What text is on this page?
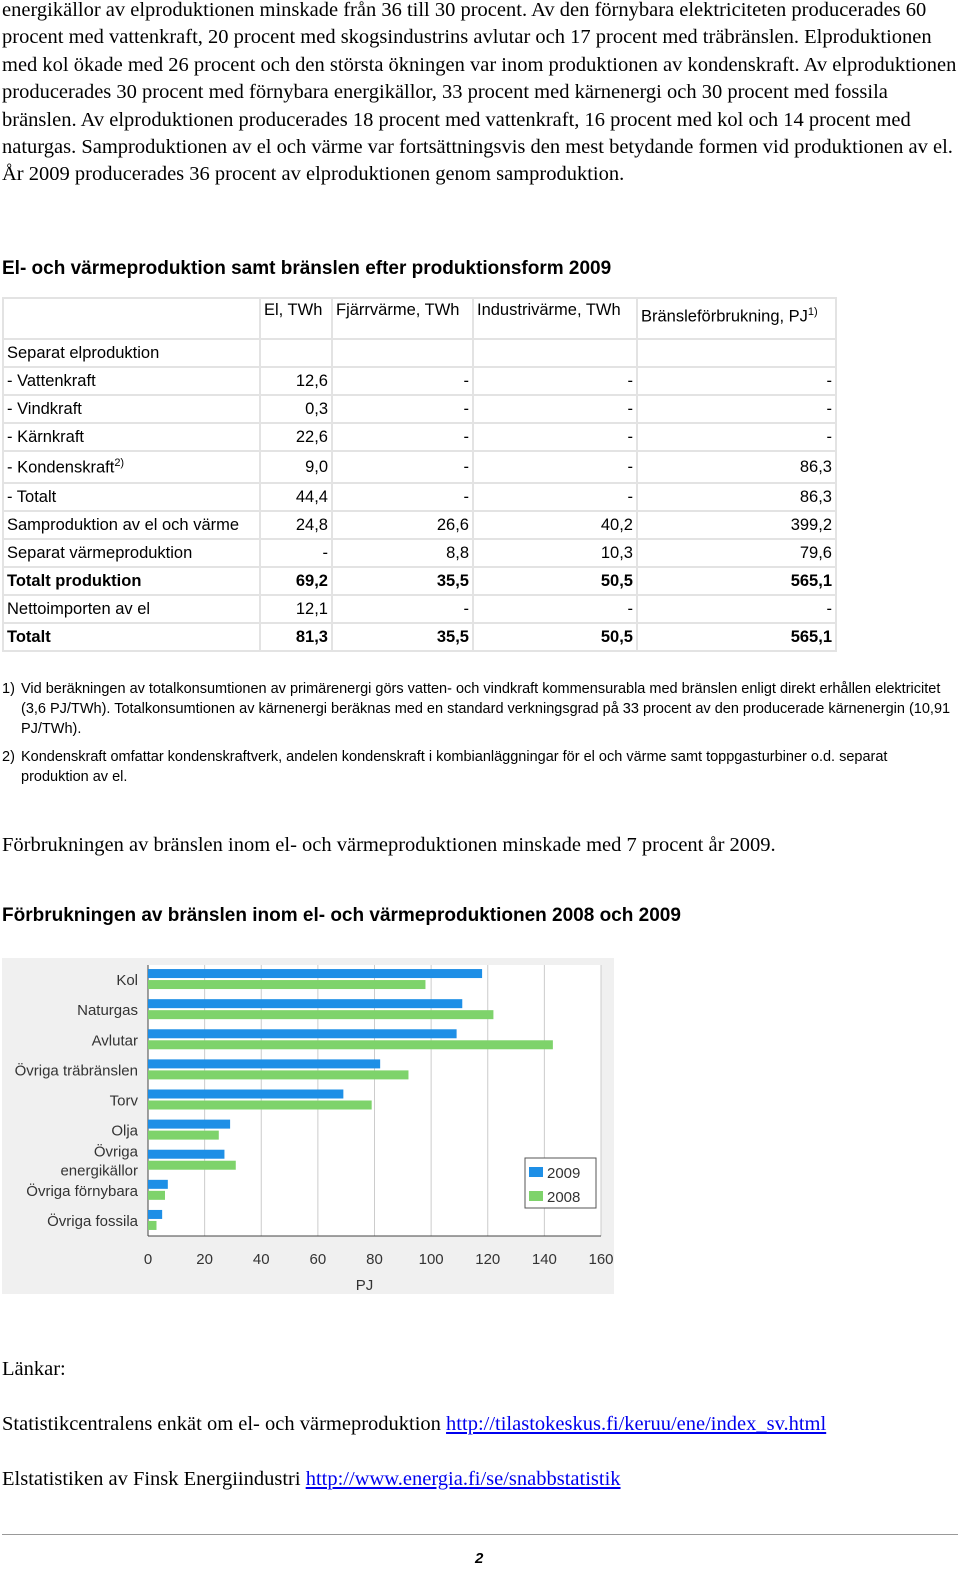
energikällor av elproduktionen minskade från 36 till 30 procent. Av den förnybara elektriciteten producerades 60 procent med vattenkraft, 20 procent med skogsindustrins avlutar och 17 procent med träbränslen. Elproduktionen med kol ökade med 26 procent och den största ökningen var inom produktionen av kondenskraft. Av elproduktionen producerades 30 procent med förnybara energikällor, 33 procent med kärnenergi och 30 procent med fossila bränslen. Av elproduktionen producerades 18 procent med vattenkraft, 16 procent med kol och 14 procent med naturgas. Samproduktionen av el och värme var fortsättningsvis den mest betydande formen vid produktionen av el. År 2009 producerades 36 procent av elproduktionen genom samproduktion.
El- och värmeproduktion samt bränslen efter produktionsform 2009
	El, TWh	Fjärrvärme, TWh	Industrivärme, TWh	Bränsleförbrukning, PJ$^{1)}$
Separat elproduktion				
- Vattenkraft	12,6	-	-	-
- Vindkraft	0,3	-	-	-
- Kärnkraft	22,6	-	-	-
- Kondenskraft$^{2)}$	9,0	-	-	86,3
- Totalt	44,4	-	-	86,3
Samproduktion av el och värme	24,8	26,6	40,2	399,2
Separat värmeproduktion	-	8,8	10,3	79,6
Totalt produktion	69,2	35,5	50,5	565,1
Nettoimporten av el	12,1	-	-	-
Totalt	81,3	35,5	50,5	565,1
1) Vid beräkningen av totalkonsumtionen av primärenergi görs vatten- och vindkraft kommensurabla med bränslen enligt direkt erhållen elektricitet (3,6 PJ/TWh). Totalkonsumtionen av kärnenergi beräknas med en standard verkningsgrad på 33 procent av den producerade kärnenergin (10,91 PJ/TWh).
2) Kondenskraft omfattar kondenskraftverk, andelen kondenskraft i kombianläggningar för el och värme samt toppgasturbiner o.d. separat produktion av el.
Förbrukningen av bränslen inom el- och värmeproduktionen minskade med 7 procent år 2009.
Förbrukningen av bränslen inom el- och värmeproduktionen 2008 och 2009
0	20	40	60	80 100 120 140 160
PJ
Kol
Naturgas
Avlutar
Övriga träbränslen
Torv
Olja
Övriga
energikällor
Övriga förnybara
Övriga fossila
2009
2008
Länkar:
Statistikcentralens enkät om el- och värmeproduktion http://tilastokeskus.fi/keruu/ene/index_sv.html
Elstatistiken av Finsk Energiindustri http://www.energia.fi/se/snabbstatistik
2
